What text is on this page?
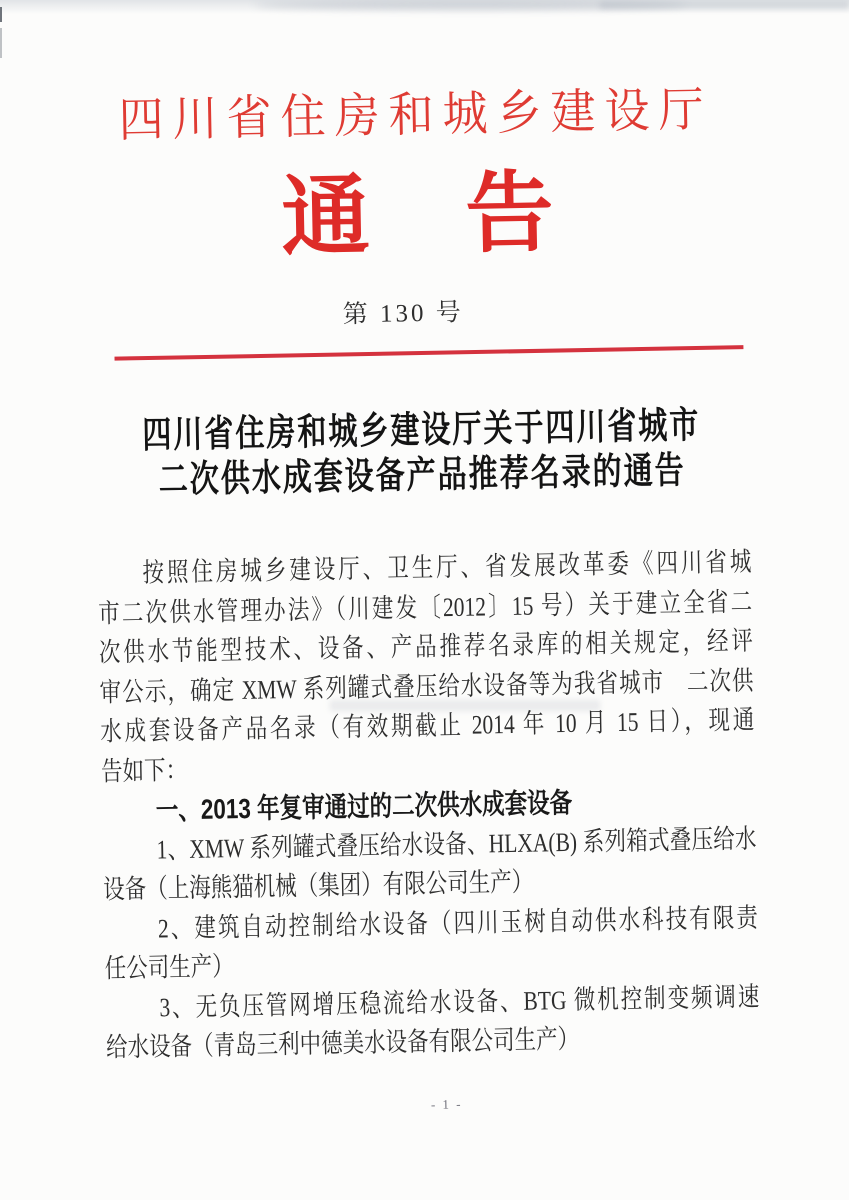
四川省住房和城乡建设厅
通 告
第 130 号
四川省住房和城乡建设厅关于四川省城市
二次供水成套设备产品推荐名录的通告
按照住房城乡建设厅、卫生厅、省发展改革委《四川省城
市二次供水管理办法》（川建发〔2012〕15 号）关于建立全省二
次供水节能型技术、设备、产品推荐名录库的相关规定，经评
审公示，确定 XMW 系列罐式叠压给水设备等为我省城市　二次供
水成套设备产品名录（有效期截止 2014 年 10 月 15 日），现通
告如下：
一、2013 年复审通过的二次供水成套设备
1、XMW 系列罐式叠压给水设备、HLXA(B) 系列箱式叠压给水
设备（上海熊猫机械（集团）有限公司生产）
2、建筑自动控制给水设备（四川玉树自动供水科技有限责
任公司生产）
3、无负压管网增压稳流给水设备、BTG 微机控制变频调速
给水设备（青岛三利中德美水设备有限公司生产）
- 1 -
